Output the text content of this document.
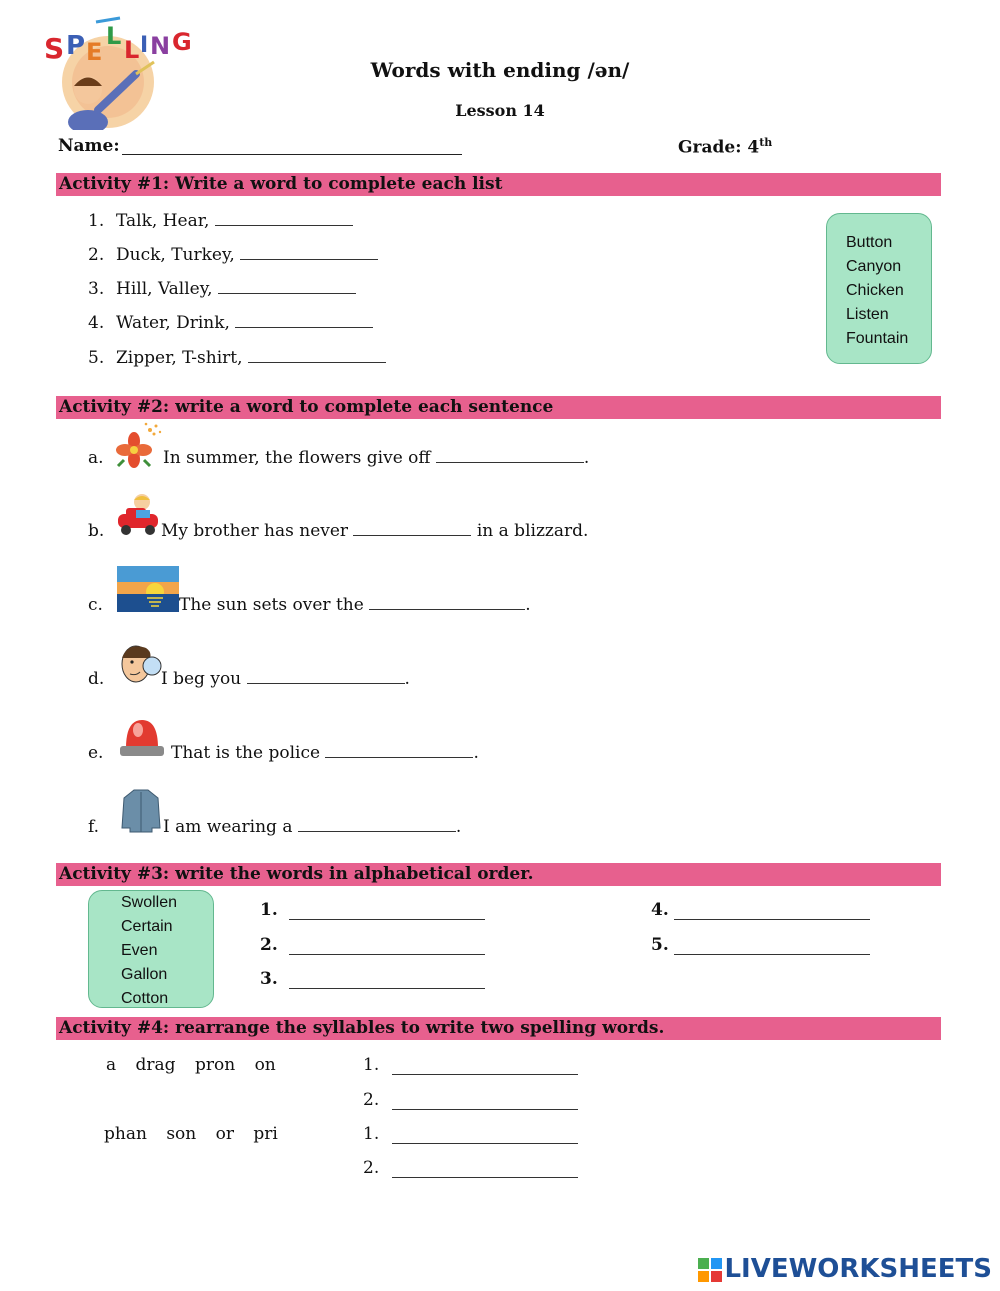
S P E
L L I N G
Words with ending /ən/
Lesson 14
Name:	Grade: 4th
Activity #1: Write a word to complete each list
1. Talk, Hear,
2. Duck, Turkey,
3. Hill, Valley,
4. Water, Drink,
5. Zipper, T-shirt,
Button
Canyon
Chicken
Listen
Fountain
Activity #2: write a word to complete each sentence
a.	In summer, the flowers give off	.
b.	My brother has never	in a blizzard.
c.	The sun sets over the	.
d.	I beg you	.
e.	That is the police	.
f.	I am wearing a	.
Activity #3: write the words in alphabetical order.
Swollen
Certain
Even
Gallon
Cotton
1.
2.
3.
4.
5.
Activity #4: rearrange the syllables to write two spelling words.
a drag pron on	1.
2.
phan son or pri	1.
2.
LIVEWORKSHEETS
